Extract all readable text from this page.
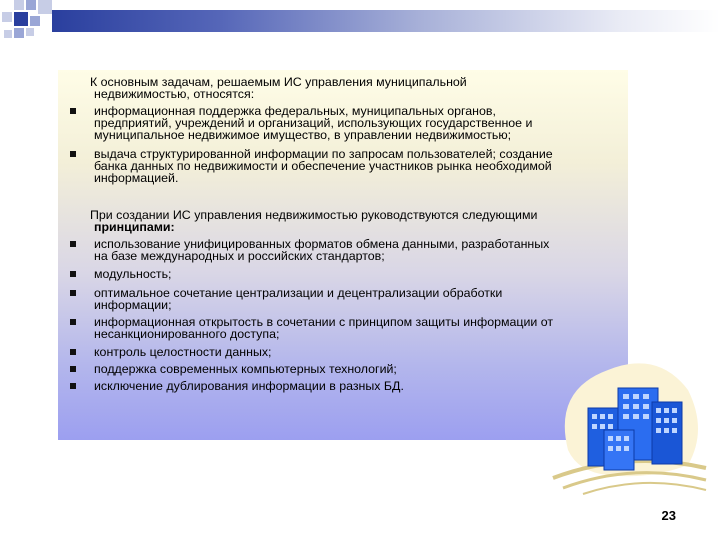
К основным задачам, решаемым ИС управления муниципальной
недвижимостью, относятся:
информационная поддержка федеральных, муниципальных органов,
предприятий, учреждений и организаций, использующих государственное и
муниципальное недвижимое имущество, в управлении недвижимостью;
выдача структурированной информации по запросам пользователей; создание
банка данных по недвижимости и обеспечение участников рынка необходимой
информацией.
При создании ИС управления недвижимостью руководствуются следующими
принципами:
использование унифицированных форматов обмена данными, разработанных
на базе международных и российских стандартов;
модульность;
оптимальное сочетание централизации и децентрализации обработки
информации;
информационная открытость в сочетании с принципом защиты информации от
несанкционированного доступа;
контроль целостности данных;
поддержка современных компьютерных технологий;
исключение дублирования информации в разных БД.
23
